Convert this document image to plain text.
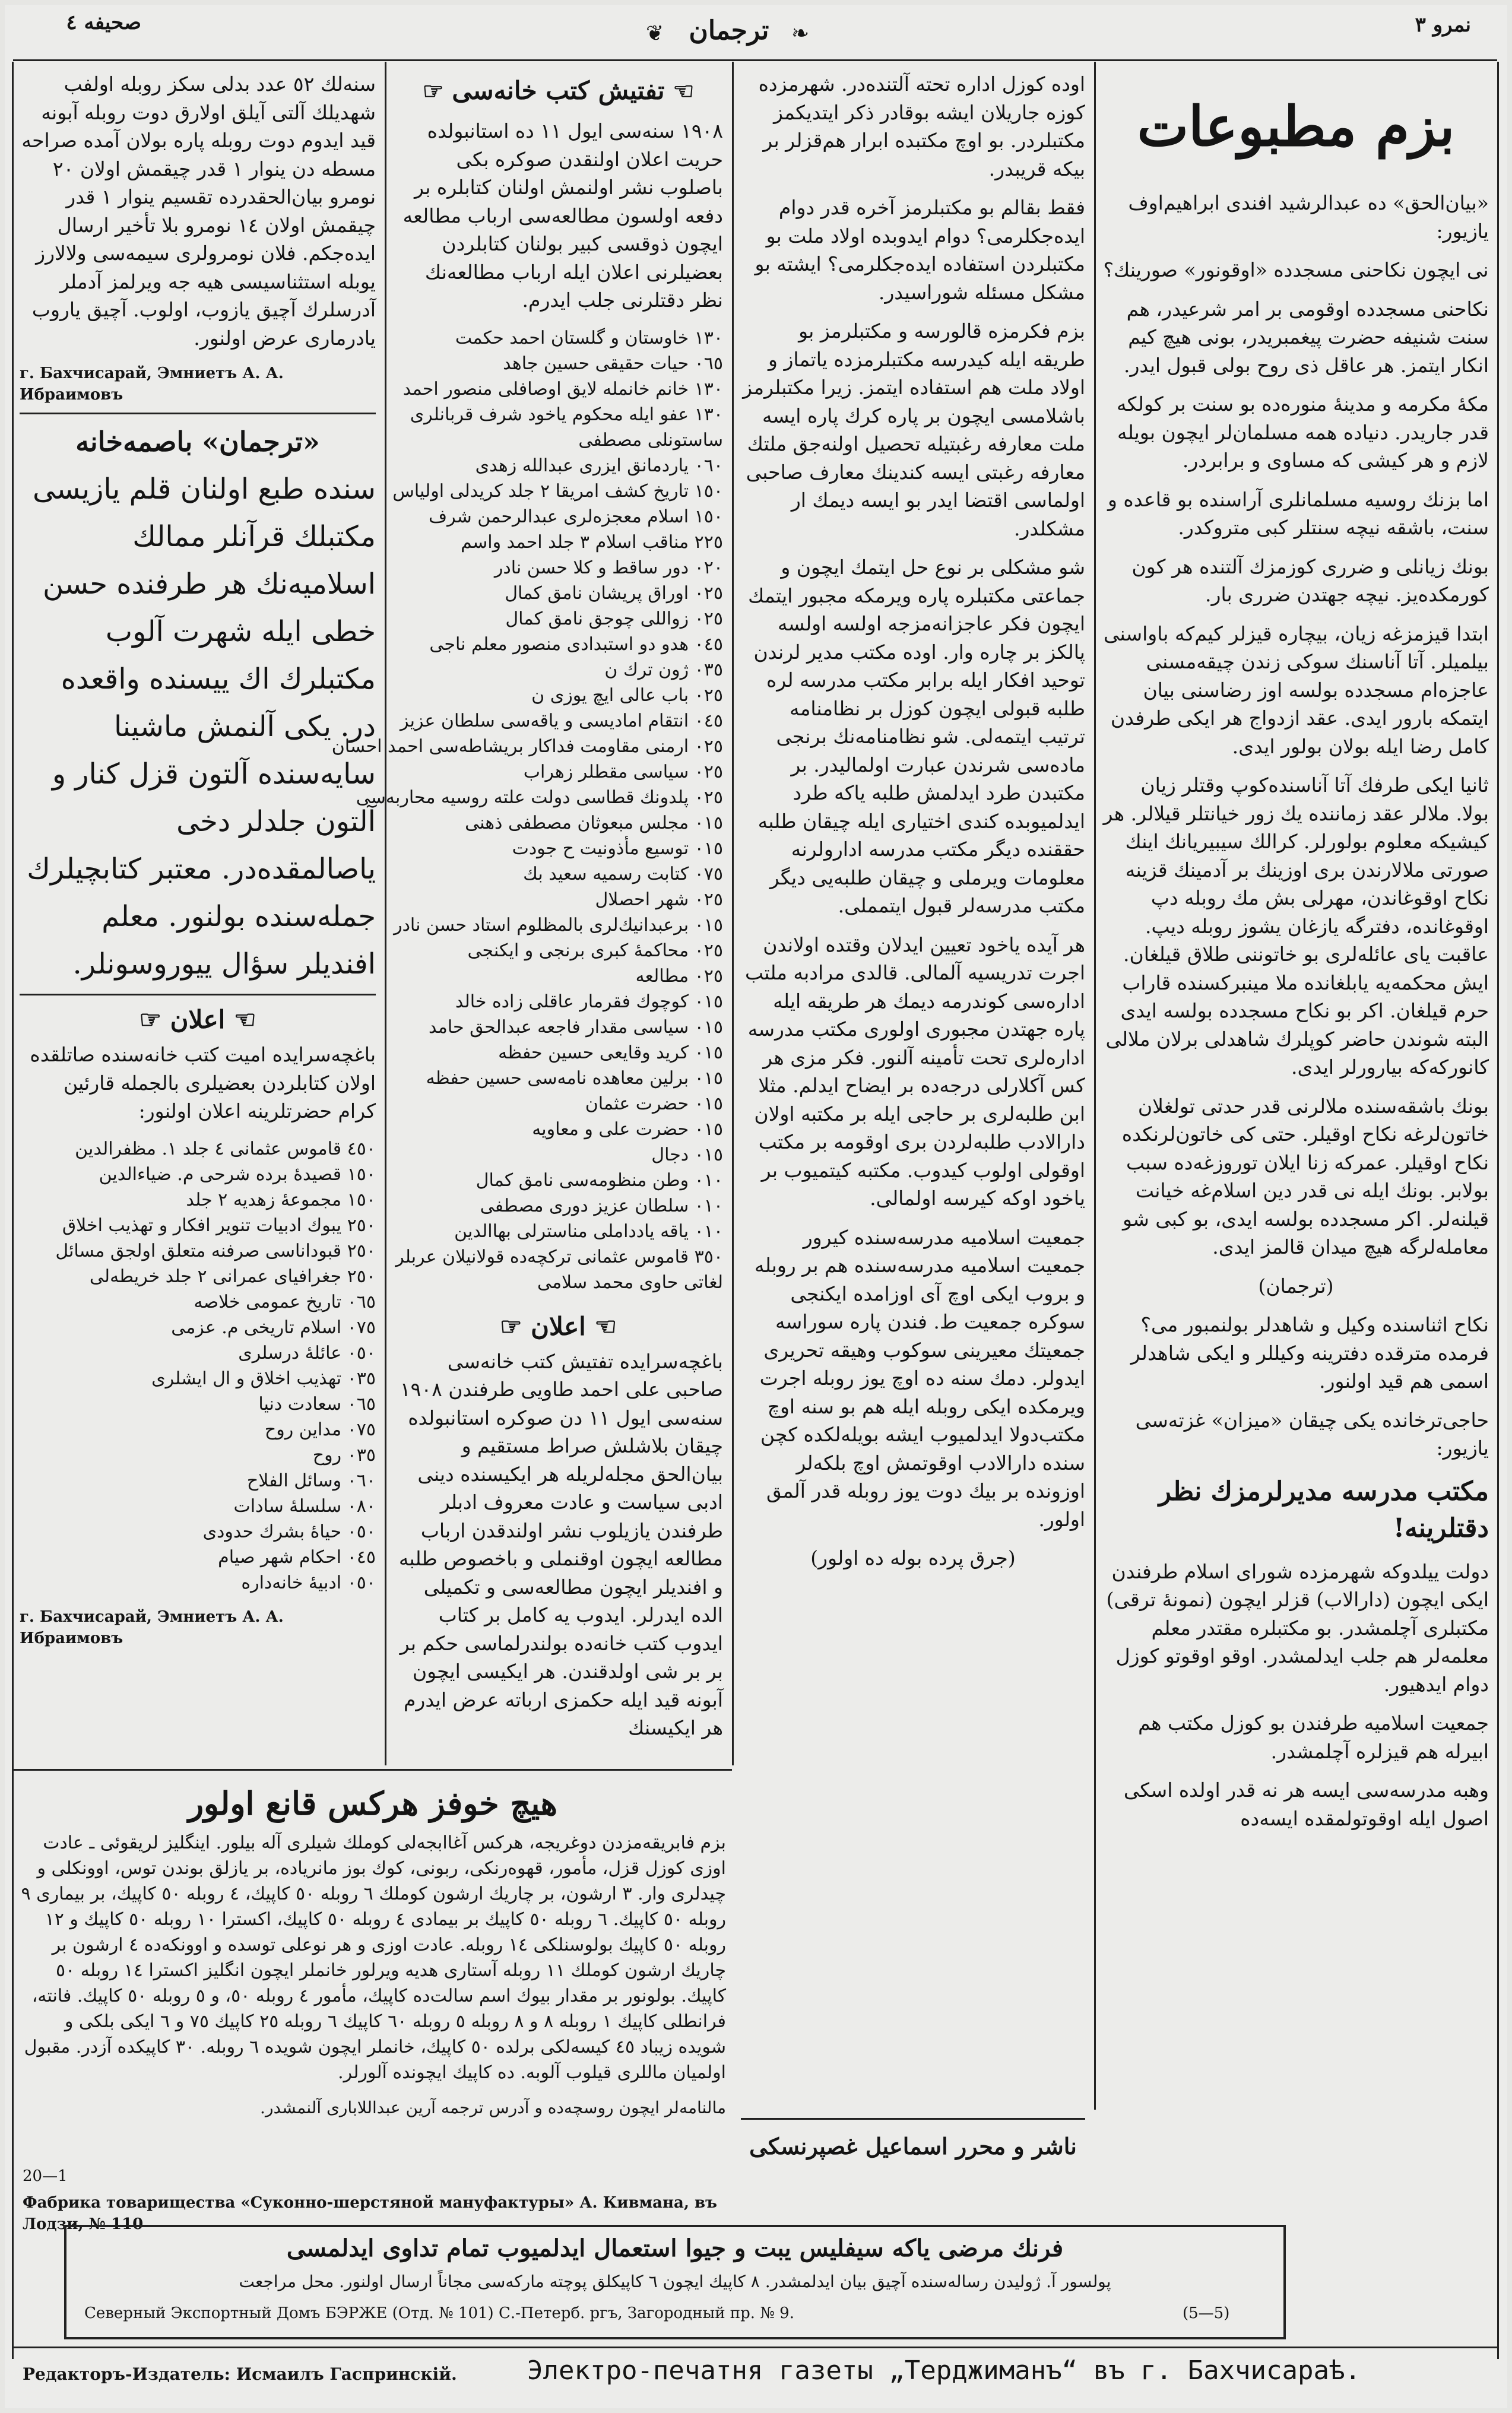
صحيفه ٤	❦ ترجمان	❧	نمرو ٣
بزم مطبوعات

«بيان‌الحق» ده عبدالرشيد افندى ابراهيم‌اوف يازيور:

نى ايچون نكاحنى مسجدده «اوقونور» صورينك؟

نكاحنى مسجدده اوقومى بر امر شرعيدر، هم سنت شنيفه حضرت پيغمبريدر، بونى هيچ كيم انكار ايتمز. هر عاقل ذى روح بولى قبول ايدر.

مكۀ مكرمه و مدينۀ منوره‌ده بو سنت بر كولكه قدر جاريدر. دنيا‌ده همه مسلمان‌لر ايچون بويله لازم و هر كيشى كه مساوى و برابردر.

اما بزنك روسيه مسلمانلرى آراسنده بو قاعده و سنت، باشقه نيچه سنتلر كبى متروكدر.

بونك زيانلى و ضررى كوزمزك آلتنده هر كون كورمكده‌يز. نيچه جهتدن ضررى بار.

ابتدا قيزمزغه زيان، بيچاره قيزلر كيم‌كه باواسنى بيلميلر. آتا آناسنك سوكى زندن چيقه‌مسنى عاجزه‌ام مسجدده بولسه اوز رضاسنى بيان ايتمكه بارور ايدى. عقد ازدواج هر ايكى طرفدن كامل رضا ايله بولان بولور ايدى.

ثانيا ايكى طرفك آتا آناسنده‌كوپ وقتلر زيان بولا. ملالر عقد زماننده يك زور خيانتلر قيلالر. هر كيشيكه معلوم بولورلر. كرالك سيبيريانك اينك صورتى ملالارندن برى اوزينك بر آدمينك قزينه نكاح اوقوغاندن، مهرلى بش مك روبله دپ اوقوغانده، دفترگه يازغان يشوز روبله ديپ. عاقبت ياى عائله‌لرى بو خاتوننى طلاق قيلغان. ايش محكمه‌يه يابلغانده ملا مینبركسنده قاراب حرم قيلغان. اكر بو نكاح مسجدده بولسه ايدى البته شوندن حاضر كوپلرك شاهدلى برلان ملالى كانوركه‌كه بيارورلر ايدى.

بونك باشقه‌سنده ملالرنى قدر حدتى تولغلان خاتون‌لرغه نكاح اوقيلر. حتى كى خاتون‌لرنكده نكاح اوقيلر. عمركه زنا ايلان توروزغه‌ده سبب بولابر. بونك ايله نى قدر دين اسلام‌غه خيانت قيلنه‌لر. اكر مسجدده بولسه ايدى، بو كبى شو معامله‌لرگه هيچ ميدان قالمز ايدى.

(ترجمان)

نكاح اثناسنده وكيل و شاهدلر بولنمبور مى؟ فرمده مترقده دفترينه وكيللر و ايكى شاهدلر اسمى هم قيد اولنور.

حاجى‌ترخانده يكى چيقان «ميزان» غزته‌سى يازيور:

مكتب مدرسه مديرلرمزك نظر دقتلرينه!

دولت ييلدوكه شهرمزده شوراى اسلام طرفندن ايكى ايچون (دارالاب) قزلر ايچون (نمونۀ ترقى) مكتبلرى آچلمشدر. بو مكتبلره مقتدر معلم معلمه‌لر هم جلب ايدلمشدر. اوقو اوقوتو كوزل دوام ايدهيور.

جمعيت اسلاميه طرفندن بو كوزل مكتب هم ابيرله هم قيزلره آچلمشدر.

وهبه مدرسه‌سى ايسه هر نه قدر اولده اسكى اصول ايله اوقوتولمقده ايسه‌ده

اوده كوزل اداره تحته آلتنده‌در. شهرمزده كوزه جاريلان ايشه بوقادر ذكر ايتديكمز مكتبلردر. بو اوچ مكتبده ابرار هم‌قزلر بر بيكه قريبدر.

فقط بقالم بو مكتبلرمز آخره قدر دوام ايده‌جكلرمى؟ دوام ايدوبده اولاد ملت بو مكتبلردن استفاده ايده‌جكلرمى؟ ايشته بو مشكل مسئله شوراسيدر.

بزم فكرمزه قالورسه و مكتبلرمز بو طريقه ايله كيدرسه مكتبلرمزده ياتماز و اولاد ملت هم استفاده ايتمز. زيرا مكتبلرمز باشلامسى ايچون بر پاره كرك پاره ايسه ملت معارفه رغبتيله تحصيل اولنه‌جق ملتك معارفه رغبتى ايسه كندينك معارف صاحبى اولماسى اقتضا ايدر بو ايسه ديمك ار مشكلدر.

شو مشكلى بر نوع حل ايتمك ايچون و جماعتى مكتبلره پاره ويرمكه مجبور ايتمك ايچون فكر عاجزانه‌مزجه اولسه اولسه پالكز بر چاره وار. اوده مكتب مدير لرندن توحيد افكار ايله برابر مكتب مدرسه لره طلبه قبولى ايچون كوزل بر نظامنامه ترتيب ايتمه‌لى. شو نظامنامه‌نك برنجى ماده‌سى شرندن عبارت اولماليدر. بر مكتبدن طرد ايدلمش طلبه ياكه طرد ايدلميوبده كندى اختيارى ايله چيقان طلبه حققنده ديگر مكتب مدرسه ادارولرنه معلومات ويرملى و چيقان طلبه‌يى ديگر مكتب مدرسه‌لر قبول ايتمملى.

هر آيده ياخود تعيين ايدلان وقتده اولاندن اجرت تدريسيه آلمالى. قالدى مرادبه ملتب اداره‌سى كوندرمه ديمك هر طريقه ايله پاره جهتدن مجبورى اولورى مكتب مدرسه اداره‌لرى تحت تأمينه آلنور. فكر مزى هر كس آكلارلى درجه‌ده بر ايضاح ايدلم. مثلا ابن طلبه‌لرى بر حاجى ايله بر مكتبه اولان دارالادب طلبه‌لردن برى اوقومه بر مكتب اوقولى اولوب كيدوب. مكتبه كيتميوب بر ياخود اوكه كيرسه اولمالى.

جمعيت اسلاميه مدرسه‌سنده كيرور جمعيت اسلاميه مدرسه‌سنده هم بر روبله و بروب ايكى اوچ آى اوزامده ايكنجى سوكره جمعيت ط. فندن پاره سوراسه جمعيتك معيرينى سوكوب وهيقه تحريرى ايدولر. دمك سنه ده اوچ يوز روبله اجرت ويرمكده ايكى روبله ايله هم بو سنه اوچ مكتب‌دولا ايدلميوب ايشه بويله‌لكده كچن سنده دارالادب اوقوتمش اوچ بلكه‌لر اوزونده بر بيك دوت يوز روبله قدر آلمق اولور.

(جرق پرده بوله ده اولور)

ناشر و محرر اسماعيل غصپرنسكى
☜ تفتيش كتب خانه‌سى ☞

١٩٠٨ سنه‌سى ايول ١١ ده استانبولده حريت اعلان اولنقدن صوكره بكى باصلوب نشر اولنمش اولنان كتابلره بر دفعه اولسون مطالعه‌سى ارباب مطالعه ايچون ذوقسى كبير بولنان كتابلردن بعضيلرنى اعلان ايله ارباب مطالعه‌نك نظر دقتلرنى جلب ايدرم.

١٣٠ خاوستان و گلستان احمد حكمت
٠٦٥ حيات حقيقى حسين جاهد
١٣٠ خانم خانمله لايق اوصافلى منصور احمد
١٣٠ عفو ايله محكوم ياخود شرف قربانلرى
ساستونلى مصطفى
٠٦٠ ياردمانق ايزرى عبدالله زهدى
١٥٠ تاريخ كشف امريقا ٢ جلد كريدلى اولياس
١٥٠ اسلام معجزه‌لرى عبدالرحمن شرف
٢٢٥ مناقب اسلام ٣ جلد احمد واسم
٠٢٠ دور ساقط و كلا حسن نادر
٠٢٥ اوراق پريشان نامق كمال
٠٢٥ زواللى چوجق نامق كمال
٠٤٥ هدو دو استبدادى منصور معلم ناجى
٠٣٥ ژون ترك ن
٠٢٥ باب عالى ايچ يوزى ن
٠٤٥ انتقام اماديسى و ياقه‌سى سلطان عزيز
٠٢٥ ارمنى مقاومت فداكار بريشاطه‌سى احمد احسان
٠٢٥ سياسى مقطلر زهراب
٠٢٥ پلدونك قطاسى دولت علته روسيه محاربه‌سى
٠١٥ مجلس مبعوثان مصطفى ذهنى
٠١٥ توسيع مأذونيت ح جودت
٠٧٥ كتابت رسميه سعيد بك
٠٢٥ شهر احصلال
٠١٥ برعبدانيك‌لرى بالمظلوم استاد حسن نادر
٠٢٥ محاكمۀ كبرى برنجى و ايكنجى
٠٢٥ مطالعه
٠١٥ كوچوك فقرمار عاقلى زاده خالد
٠١٥ سياسى مقدار فاجعه عبدالحق حامد
٠١٥ كريد وقايعى حسين حفظه
٠١٥ برلين معاهده نامه‌سى حسين حفظه
٠١٥ حضرت عثمان
٠١٥ حضرت على و معاويه
٠١٥ دجال
٠١٠ وطن منظومه‌سى نامق كمال
٠١٠ سلطان عزيز دورى مصطفى
٠١٠ ياقه يادداملى مناسترلى بهاالدين
٣٥٠ قاموس عثمانى تركچه‌ده قولانيلان عربلر
لغاتى حاوى محمد سلامى
☜ اعلان ☞

باغچه‌سرايده تفتيش كتب خانه‌سى صاحبى على احمد طاويى طرفندن ١٩٠٨ سنه‌سى ايول ١١ دن صوكره استانبولده چيقان بلاشلش صراط مستقيم و بيان‌الحق مجله‌لريله هر ايكيسنده دينى ادبى سياست و عادت معروف ادبلر طرفندن يازيلوب نشر اولندقدن ارباب مطالعه ايچون اوقنملى و باخصوص طلبه و افنديلر ايچون مطالعه‌سى و تكميلى الده ايدرلر. ايدوب يه كامل بر كتاب ايدوب كتب خانه‌ده بولندرلماسى حكم بر بر بر شى اولدقندن. هر ايكيسى ايچون آبونه قيد ايله حكمزى ارباته عرض ايدرم هر ايكيسنك

سنه‌لك ٥٢ عدد بدلى سكز روبله اولفب شهديلك آلتى آيلق اولارق دوت روبله آبونه قيد ايدوم دوت روبله پاره بولان آمده صراحه مسطه دن ينوار ١ قدر چيقمش اولان ٢٠ نومرو بيان‌الحقدرده تقسيم ينوار ١ قدر چيقمش اولان ١٤ نومرو بلا تأخير ارسال ايده‌جكم. فلان نومرولرى سيمه‌سى ولالارز يوبله استثناسيسى هيه جه ويرلمز آدملر آدرسلرك آچيق يازوب، اولوب. آچيق ياروب يادرمارى عرض اولنور.

г. Бахчисарай, Эмниетъ А. А. Ибраимовъ
«ترجمان» باصمه‌خانه

سنده طبع اولنان قلم يازيسى مكتبلك قرآنلر ممالك اسلاميه‌نك هر طرفنده حسن خطى ايله شهرت آلوب مكتبلرك اك ييسنده واقعده در. يكى آلنمش ماشينا سايه‌سنده آلتون قزل كنار و آلتون جلدلر دخى ياصالمقده‌در. معتبر كتابچيلرك جمله‌سنده بولنور. معلم افنديلر سؤال ييوروسونلر.

☜ اعلان ☞

باغچه‌سرايده اميت كتب خانه‌سنده صاتلقده اولان كتابلردن بعضيلرى بالجمله قارئين كرام حضرتلرينه اعلان اولنور:

٤٥٠ قاموس عثمانى ٤ جلد ١. مظفرالدين
١٥٠ قصيدۀ برده شرحى م. ضياءالدين
١٥٠ مجموعۀ زهديه ٢ جلد
٢٥٠ يبوك ادبيات تنوير افكار و تهذيب اخلاق
٢٥٠ قبوداناسى صرفنه متعلق اولجق مسائل
٢٥٠ جغرافياى عمرانى ٢ جلد خريطه‌لى
٠٦٥ تاريخ عمومى خلاصه
٠٧٥ اسلام تاريخى م. عزمى
٠٥٠ عائلۀ درسلرى
٠٣٥ تهذيب اخلاق و ال ايشلرى
٠٦٥ سعادت دنيا
٠٧٥ مداين روح
٠٣٥ روح
٠٦٠ وسائل الفلاح
٠٨٠ سلسلۀ سادات
٠٥٠ حياۀ بشرك حدودى
٠٤٥ احكام شهر صيام
٠٥٠ ادبيۀ خانه‌داره
г. Бахчисарай, Эмниетъ А. А. Ибраимовъ
هيچ خوفز هركس قانع اولور

بزم فابريقه‌مزدن دوغريجه، هركس آغا‌ابجه‌لى كوملك شيلرى آله بيلور. اينگليز لريقوئى ـ عادت اوزى كوزل قزل، مأمور، قهوه‌رنكى، ربونى، كوك بوز مانرياده، بر يازلق بوندن توس، اوونكلى و چيدلرى وار. ٣ ارشون، بر چاريك ارشون كوملك ٦ روبله ٥٠ كاپيك، ٤ روبله ٥٠ كاپيك، بر بيمارى ٩ روبله ٥٠ كاپيك. ٦ روبله ٥٠ كاپيك بر بيمادى ٤ روبله ٥٠ كاپيك، اكسترا ١٠ روبله ٥٠ كاپيك و ١٢ روبله ٥٠ كاپيك بولوسنلكى ١٤ روبله. عادت اوزى و هر نوعلى توسده و اوونكه‌ده ٤ ارشون بر چاريك ارشون كوملك ١١ روبله آستارى هديه ويرلور خانملر ايچون انگليز اكسترا ١٤ روبله ٥٠ كاپيك. بولونور بر مقدار بيوك اسم سالت‌ده كاپيك، مأمور ٤ روبله ٥٠، و ٥ روبله ٥٠ كاپيك. فانته، فرانطلى كاپيك ١ روبله ٨ و ٨ روبله ٥ روبله ٦٠ كاپيك ٦ روبله ٢٥ كاپيك ٧٥ و ٦ ايكى بلكى و شويده زيباد ٤٥ كيسه‌لكى برلده ٥٠ كاپيك، خانملر ايچون شويده ٦ روبله. ٣٠ كاپيكده آزدر. مقبول اولميان ماللرى قيلوب آلوبه. ده كاپيك ايچونده آلورلر.

مالنامه‌لر ايچون روسچه‌ده و آدرس ترجمه آرين عبداللابارى آلنمشدر.

20—1
Фабрика товарищества «Суконно-шерстяной мануфактуры» А. Кивмана, въ Лодзи, № 110
فرنك مرضى ياكه سيفليس يبت و جيوا استعمال ايدلميوب تمام تداوى ايدلمسى
پولسور آ. ژوليدن رساله‌سنده آچيق بيان ايدلمشدر. ٨ كاپيك ايچون ٦ كاپيكلق پوچته ماركه‌سى مجاناً ارسال اولنور. محل مراجعت
Северный Экспортный Домъ БЭРЖЕ (Отд. № 101) С.-Петерб. ргъ, Загородный пр. № 9.	(5—5)
Редакторъ-Издатель: Исмаилъ Гаспринскiй.	Электро-печатня газеты „Терджиманъ“ въ г. Бахчисараѣ.
